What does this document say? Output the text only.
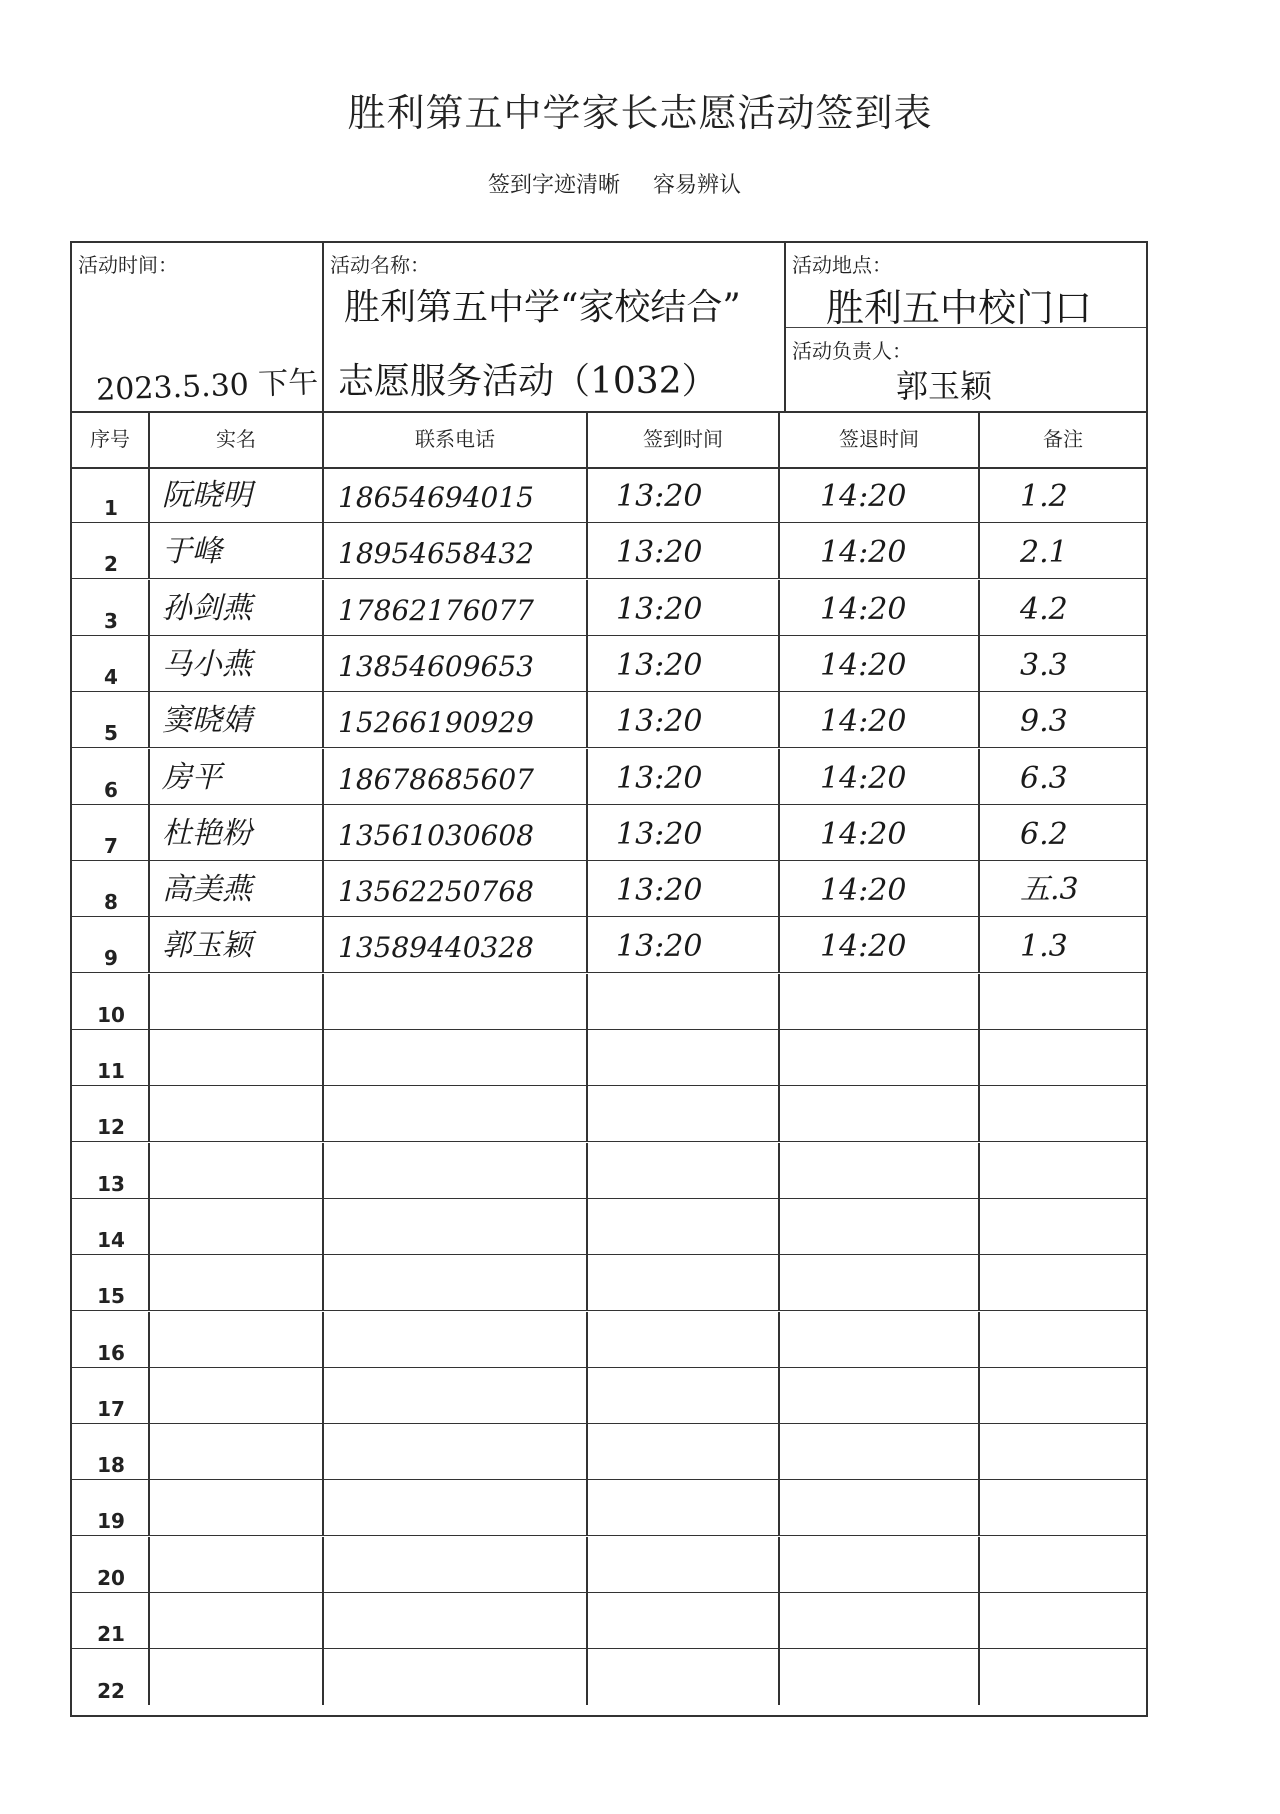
胜利第五中学家长志愿活动签到表
签到字迹清晰 容易辨认
活动时间：
2023.5.30 下午
活动名称：
胜利第五中学“家校结合”
志愿服务活动（1032）
活动地点：
胜利五中校门口
活动负责人：
郭玉颖
序号	实名	联系电话	签到时间	签退时间	备注
1	阮晓明	18654694015	13:20	14:20	1.2
2	于峰	18954658432	13:20	14:20	2.1
3	孙剑燕	17862176077	13:20	14:20	4.2
4	马小燕	13854609653	13:20	14:20	3.3
5	窦晓婧	15266190929	13:20	14:20	9.3
6	房平	18678685607	13:20	14:20	6.3
7	杜艳粉	13561030608	13:20	14:20	6.2
8	高美燕	13562250768	13:20	14:20	五.3
9	郭玉颖	13589440328	13:20	14:20	1.3
10
11
12
13
14
15
16
17
18
19
20
21
22
